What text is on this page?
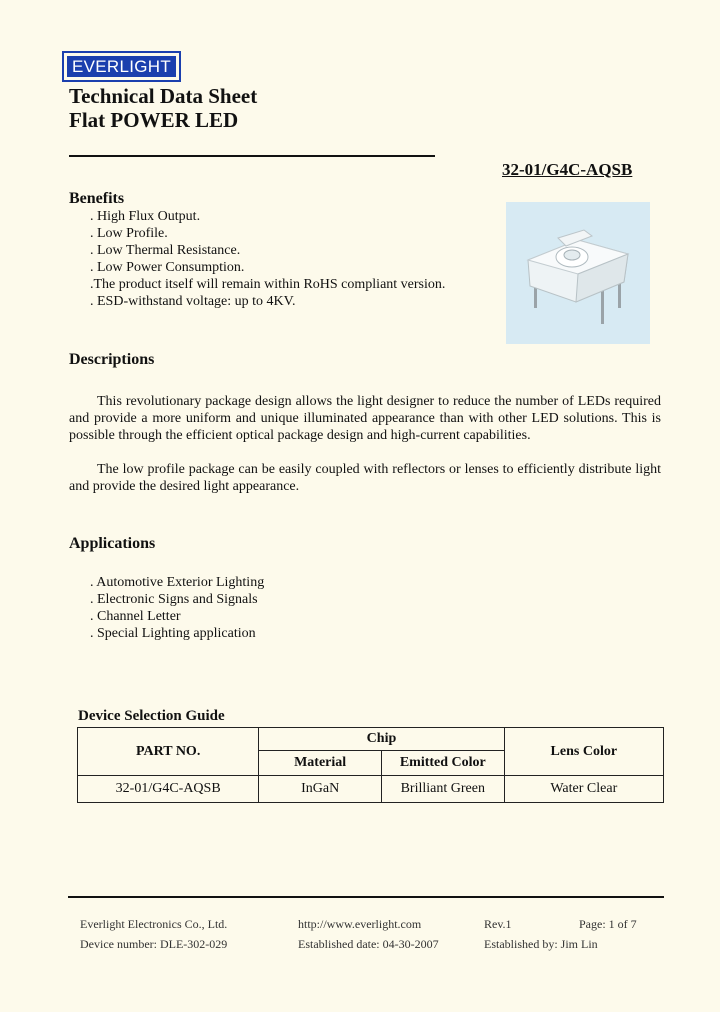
EVERLIGHT
Technical Data Sheet
Flat POWER LED
32-01/G4C-AQSB
Benefits
. High Flux Output.
. Low Profile.
. Low Thermal Resistance.
. Low Power Consumption.
.The product itself will remain within RoHS compliant version.
. ESD-withstand voltage: up to 4KV.
Descriptions
This revolutionary package design allows the light designer to reduce the number of LEDs required and provide a more uniform and unique illuminated appearance than with other LED solutions. This is possible through the efficient optical package design and high-current capabilities.
The low profile package can be easily coupled with reflectors or lenses to efficiently distribute light and provide the desired light appearance.
Applications
. Automotive Exterior Lighting
. Electronic Signs and Signals
. Channel Letter
. Special Lighting application
Device Selection Guide
PART NO.	Chip		Lens Color
	Material	Emitted Color	
32-01/G4C-AQSB	InGaN	Brilliant Green	Water Clear
Everlight Electronics Co., Ltd.	http://www.everlight.com	Rev.1	Page: 1 of 7
Device number: DLE-302-029	Established date: 04-30-2007	Established by: Jim Lin
